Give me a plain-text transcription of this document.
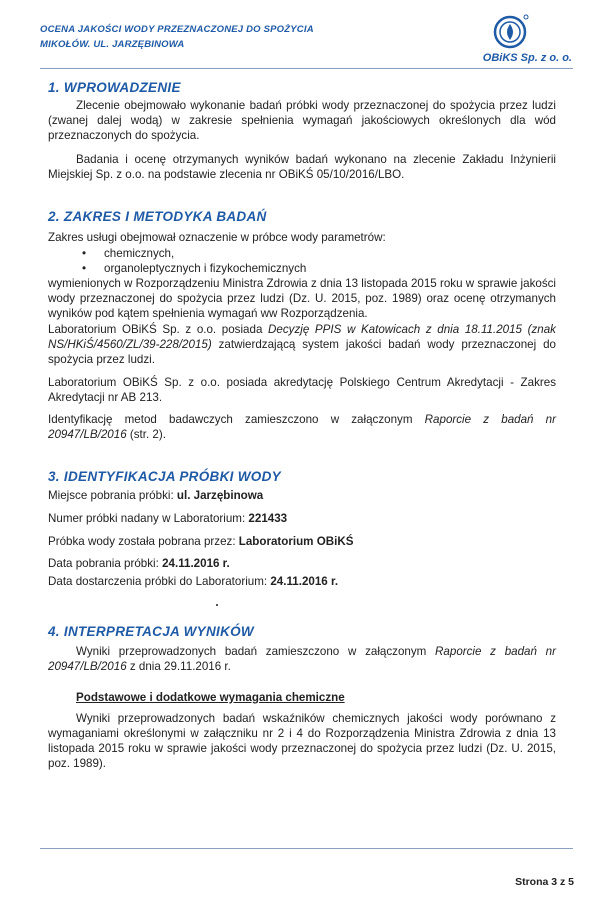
OCENA JAKOŚCI WODY PRZEZNACZONEJ DO SPOŻYCIA
MIKOŁÓW. UL. JARZĘBINOWA
OBiKS Sp. z o. o.
1. WPROWADZENIE

Zlecenie obejmowało wykonanie badań próbki wody przeznaczonej do spożycia przez ludzi (zwanej dalej wodą) w zakresie spełnienia wymagań jakościowych określonych dla wód przeznaczonych do spożycia.

Badania i ocenę otrzymanych wyników badań wykonano na zlecenie Zakładu Inżynierii Miejskiej Sp. z o.o. na podstawie zlecenia nr OBiKŚ 05/10/2016/LBO.

2. ZAKRES I METODYKA BADAŃ

Zakres usługi obejmował oznaczenie w próbce wody parametrów:

• chemicznych,
• organoleptycznych i fizykochemicznych

wymienionych w Rozporządzeniu Ministra Zdrowia z dnia 13 listopada 2015 roku w sprawie jakości wody przeznaczonej do spożycia przez ludzi (Dz. U. 2015, poz. 1989) oraz ocenę otrzymanych wyników pod kątem spełnienia wymagań ww Rozporządzenia.

Laboratorium OBiKŚ Sp. z o.o. posiada Decyzję PPIS w Katowicach z dnia 18.11.2015 (znak NS/HKiŚ/4560/ZL/39-228/2015) zatwierdzającą system jakości badań wody przeznaczonej do spożycia przez ludzi.

Laboratorium OBiKŚ Sp. z o.o. posiada akredytację Polskiego Centrum Akredytacji - Zakres Akredytacji nr AB 213.

Identyfikację metod badawczych zamieszczono w załączonym Raporcie z badań nr 20947/LB/2016 (str. 2).

3. IDENTYFIKACJA PRÓBKI WODY
Miejsce pobrania próbki: ul. Jarzębinowa
Numer próbki nadany w Laboratorium: 221433
Próbka wody została pobrana przez: Laboratorium OBiKŚ
Data pobrania próbki: 24.11.2016 r.
Data dostarczenia próbki do Laboratorium: 24.11.2016 r.
4. INTERPRETACJA WYNIKÓW

Wyniki przeprowadzonych badań zamieszczono w załączonym Raporcie z badań nr 20947/LB/2016 z dnia 29.11.2016 r.

Podstawowe i dodatkowe wymagania chemiczne

Wyniki przeprowadzonych badań wskaźników chemicznych jakości wody porównano z wymaganiami określonymi w załączniku nr 2 i 4 do Rozporządzenia Ministra Zdrowia z dnia 13 listopada 2015 roku w sprawie jakości wody przeznaczonej do spożycia przez ludzi (Dz. U. 2015, poz. 1989).

Strona 3 z 5
